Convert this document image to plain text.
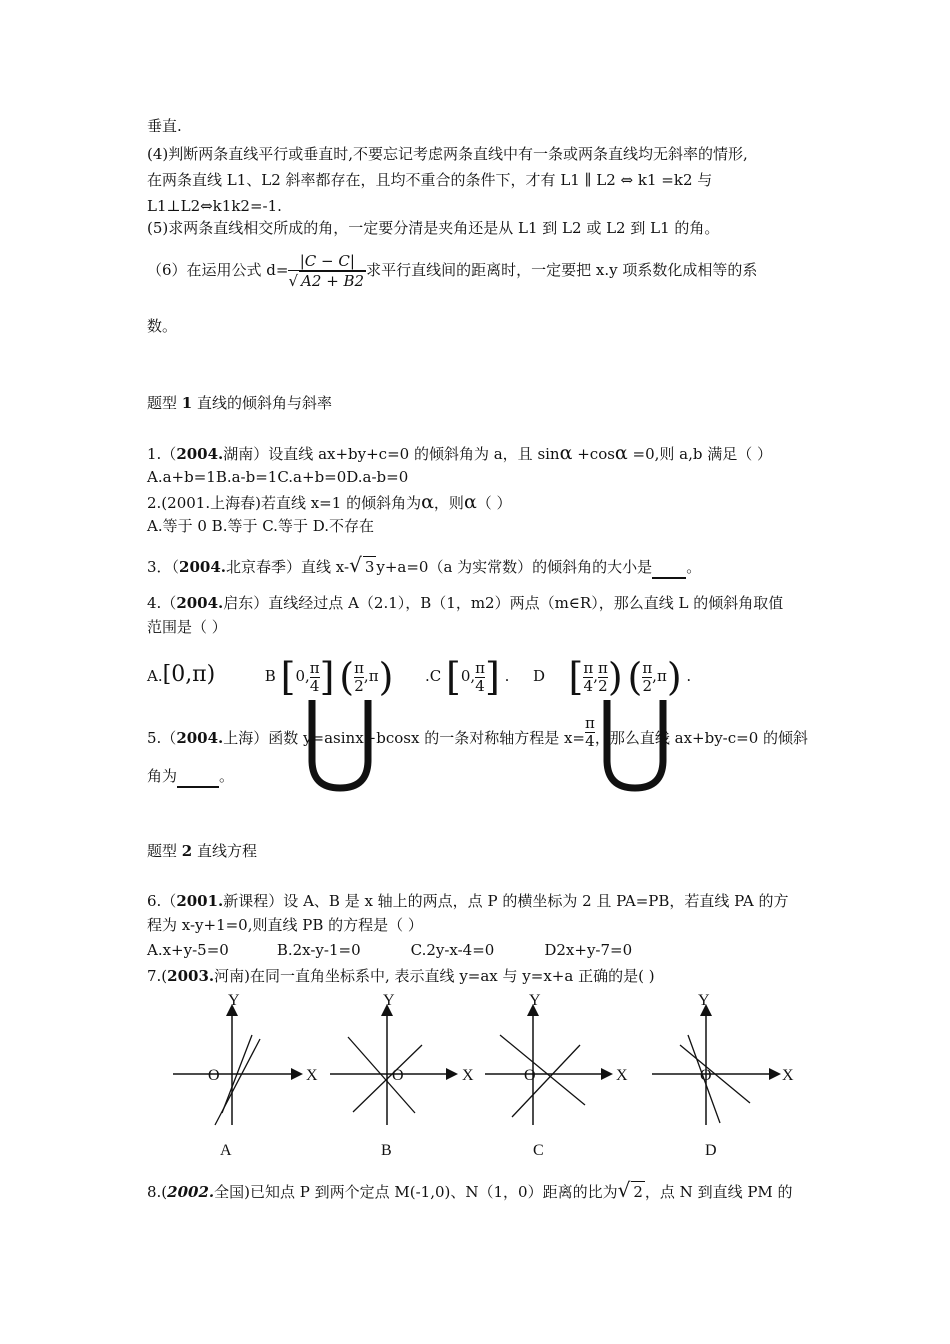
垂直.
(4)判断两条直线平行或垂直时,不要忘记考虑两条直线中有一条或两条直线均无斜率的情形,
在两条直线 L1、L2 斜率都存在，且均不重合的条件下，才有 L1 ∥ L2 ⇔ k1 =k2 与
L1⊥L2⇔k1k2=-1.
(5)求两条直线相交所成的角，一定要分清是夹角还是从 L1 到 L2 或 L2 到 L1 的角。
（6）在运用公式 $d= \frac{|C - C|}{√ A2 + B2}$ 求平行直线间的距离时，一定要把 x.y 项系数化成相等的系
数。
题型 1 直线的倾斜角与斜率
1.（2004.湖南）设直线 ax+by+c=0 的倾斜角为 a，且 sinα +cosα =0,则 a,b 满足（ ）
A.a+b=1B.a-b=1C.a+b=0D.a-b=0
2.(2001.上海春)若直线 x=1 的倾斜角为α，则α（ ）
A.等于 0 B.等于 C.等于 D.不存在
3．（2004.北京春季）直线 x-√ 3 y+a=0（a 为实常数）的倾斜角的大小是 。
4.（2004.启东）直线经过点 A（2.1），B（1，m2）两点（m∈R），那么直线 L 的倾斜角取值
范围是（ ）
A.[0,π)	B [0, $\frac{\pi}{4}$ ] ( $\frac{\pi}{2} ,\pi$) .C [0, $\frac{\pi}{4}$ ] . D [ $\frac{\pi}{4}$ , $\frac{\pi}{2}$ ) ( $\frac{\pi}{2} ,\pi$) .
5.（2004.上海）函数 y=asinx+bcosx 的一条对称轴方程是 $x= \frac{\pi}{4}$ ，那么直线 ax+by-c=0 的倾斜
角为	。
题型 2 直线方程
6.（2001.新课程）设 A、B 是 x 轴上的两点，点 P 的横坐标为 2 且 PA=PB，若直线 PA 的方
程为 x-y+1=0,则直线 PB 的方程是（ ）
A.x+y-5=0	B.2x-y-1=0	C.2y-x-4=0	D2x+y-7=0
7.(2003.河南)在同一直角坐标系中, 表示直线 y=ax 与 y=x+a 正确的是( )
Y
X
O
A
Y
X
O
B
Y
X
O
C
Y
X
O
D
8.(2002.全国)已知点 P 到两个定点 M(-1,0)、N（1，0）距离的比为√ 2 ，点 N 到直线 PM 的
